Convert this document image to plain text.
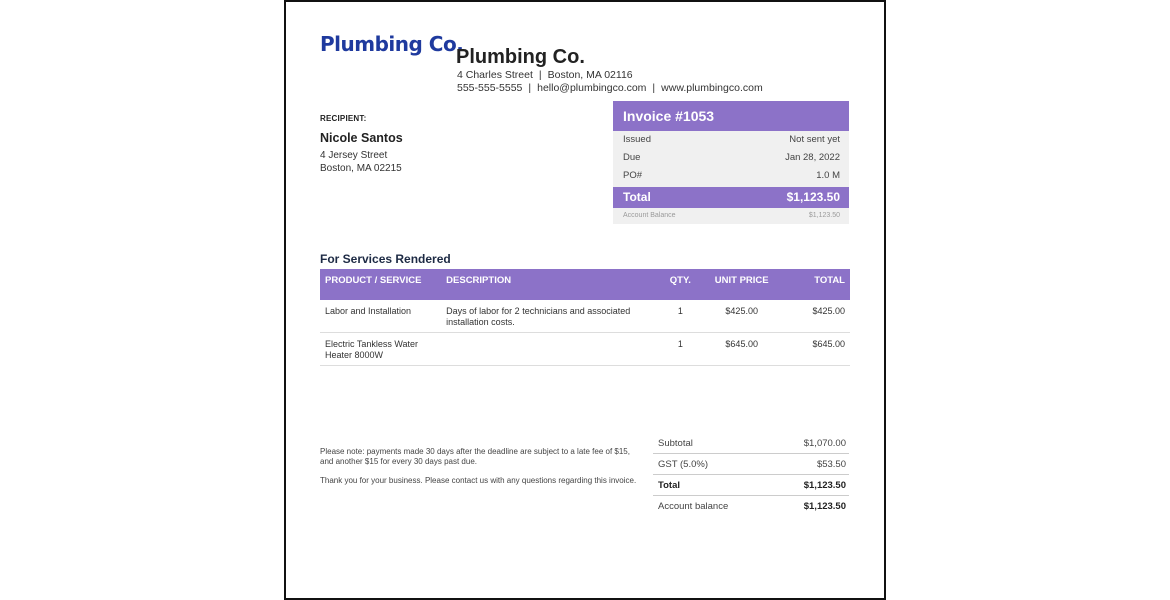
Plumbing Co.
Plumbing Co.
4 Charles Street | Boston, MA 02116
555-555-5555 | hello@plumbingco.com | www.plumbingco.com
RECIPIENT:
Nicole Santos
4 Jersey Street
Boston, MA 02215
Invoice #1053
Issued	Not sent yet
Due	Jan 28, 2022
PO#	1.0 M
Total	$1,123.50
Account Balance	$1,123.50
For Services Rendered
PRODUCT / SERVICE	DESCRIPTION	QTY.	UNIT PRICE	TOTAL
Labor and Installation	Days of labor for 2 technicians and associated installation costs.	1	$425.00	$425.00
Electric Tankless Water Heater 8000W		1	$645.00	$645.00
Please note: payments made 30 days after the deadline are subject to a late fee of $15, and another $15 for every 30 days past due.
Thank you for your business. Please contact us with any questions regarding this invoice.
Subtotal	$1,070.00
GST (5.0%)	$53.50
Total	$1,123.50
Account balance	$1,123.50
